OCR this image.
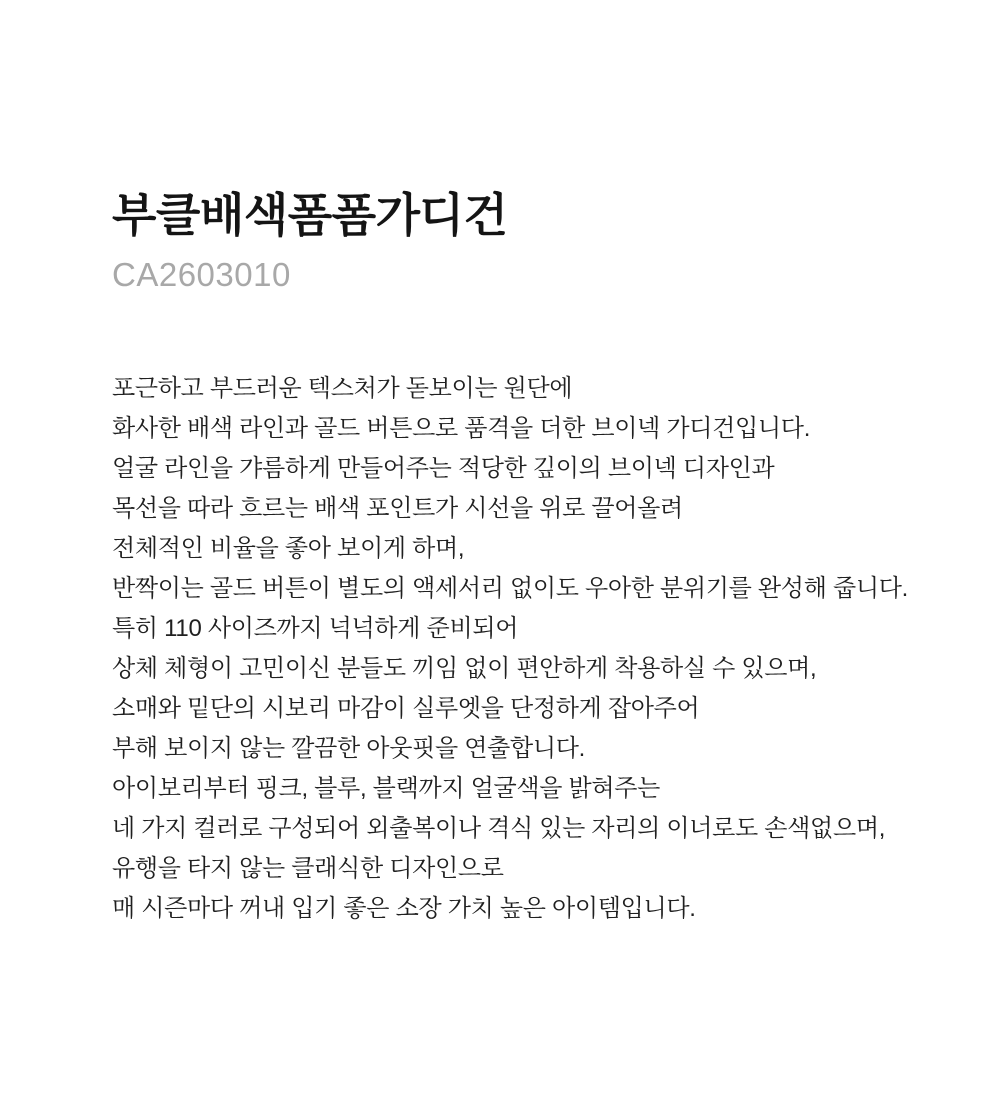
부클배색폼폼가디건
CA2603010
포근하고 부드러운 텍스처가 돋보이는 원단에
화사한 배색 라인과 골드 버튼으로 품격을 더한 브이넥 가디건입니다.
얼굴 라인을 갸름하게 만들어주는 적당한 깊이의 브이넥 디자인과
목선을 따라 흐르는 배색 포인트가 시선을 위로 끌어올려
전체적인 비율을 좋아 보이게 하며,
반짝이는 골드 버튼이 별도의 액세서리 없이도 우아한 분위기를 완성해 줍니다.
특히 110 사이즈까지 넉넉하게 준비되어
상체 체형이 고민이신 분들도 끼임 없이 편안하게 착용하실 수 있으며,
소매와 밑단의 시보리 마감이 실루엣을 단정하게 잡아주어
부해 보이지 않는 깔끔한 아웃핏을 연출합니다.
아이보리부터 핑크, 블루, 블랙까지 얼굴색을 밝혀주는
네 가지 컬러로 구성되어 외출복이나 격식 있는 자리의 이너로도 손색없으며,
유행을 타지 않는 클래식한 디자인으로
매 시즌마다 꺼내 입기 좋은 소장 가치 높은 아이템입니다.
